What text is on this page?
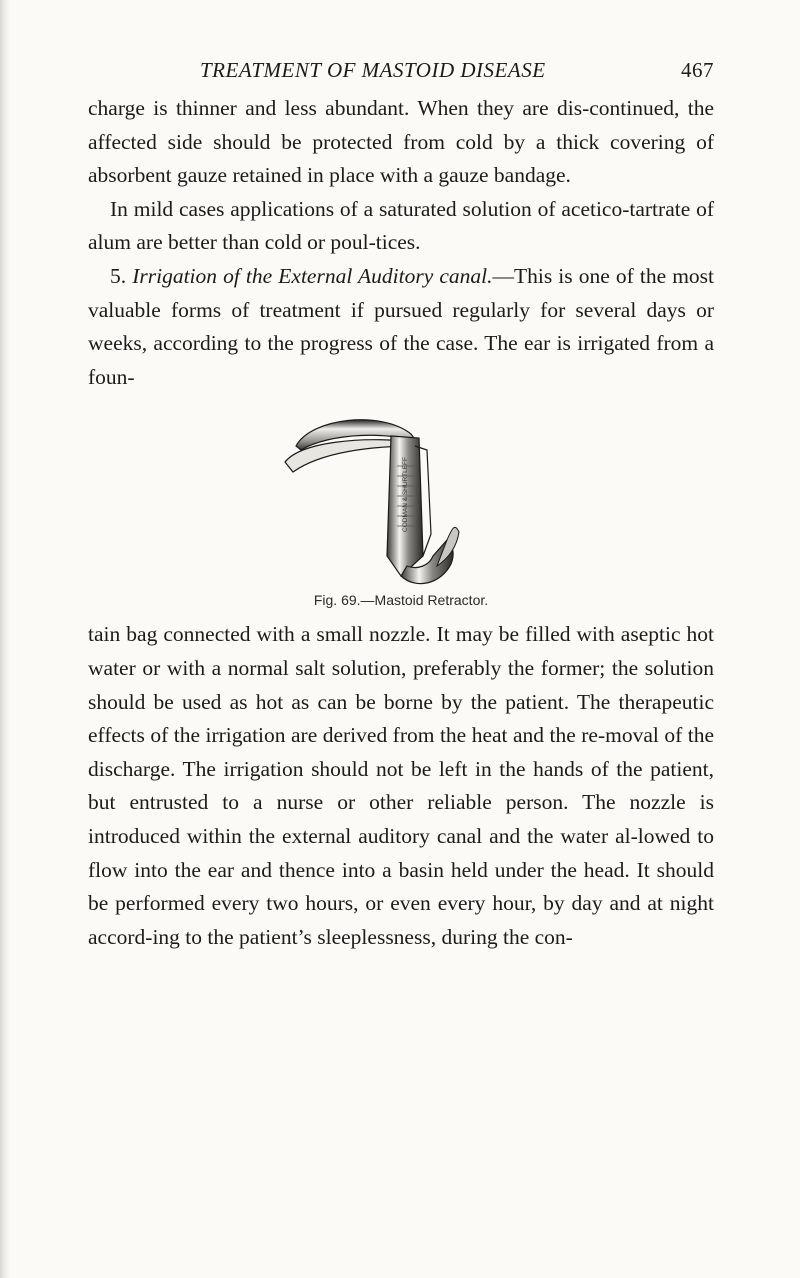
TREATMENT OF MASTOID DISEASE	467

charge is thinner and less abundant. When they are dis-continued, the affected side should be protected from cold by a thick covering of absorbent gauze retained in place with a gauze bandage.

In mild cases applications of a saturated solution of acetico-tartrate of alum are better than cold or poul-tices.

5. Irrigation of the External Auditory canal.—This is one of the most valuable forms of treatment if pursued regularly for several days or weeks, according to the progress of the case. The ear is irrigated from a foun-

CODMAN & SHURTLEFF
Fig. 69.—Mastoid Retractor.

tain bag connected with a small nozzle. It may be filled with aseptic hot water or with a normal salt solution, preferably the former; the solution should be used as hot as can be borne by the patient. The therapeutic effects of the irrigation are derived from the heat and the re-moval of the discharge. The irrigation should not be left in the hands of the patient, but entrusted to a nurse or other reliable person. The nozzle is introduced within the external auditory canal and the water al-lowed to flow into the ear and thence into a basin held under the head. It should be performed every two hours, or even every hour, by day and at night accord-ing to the patient’s sleeplessness, during the con-
